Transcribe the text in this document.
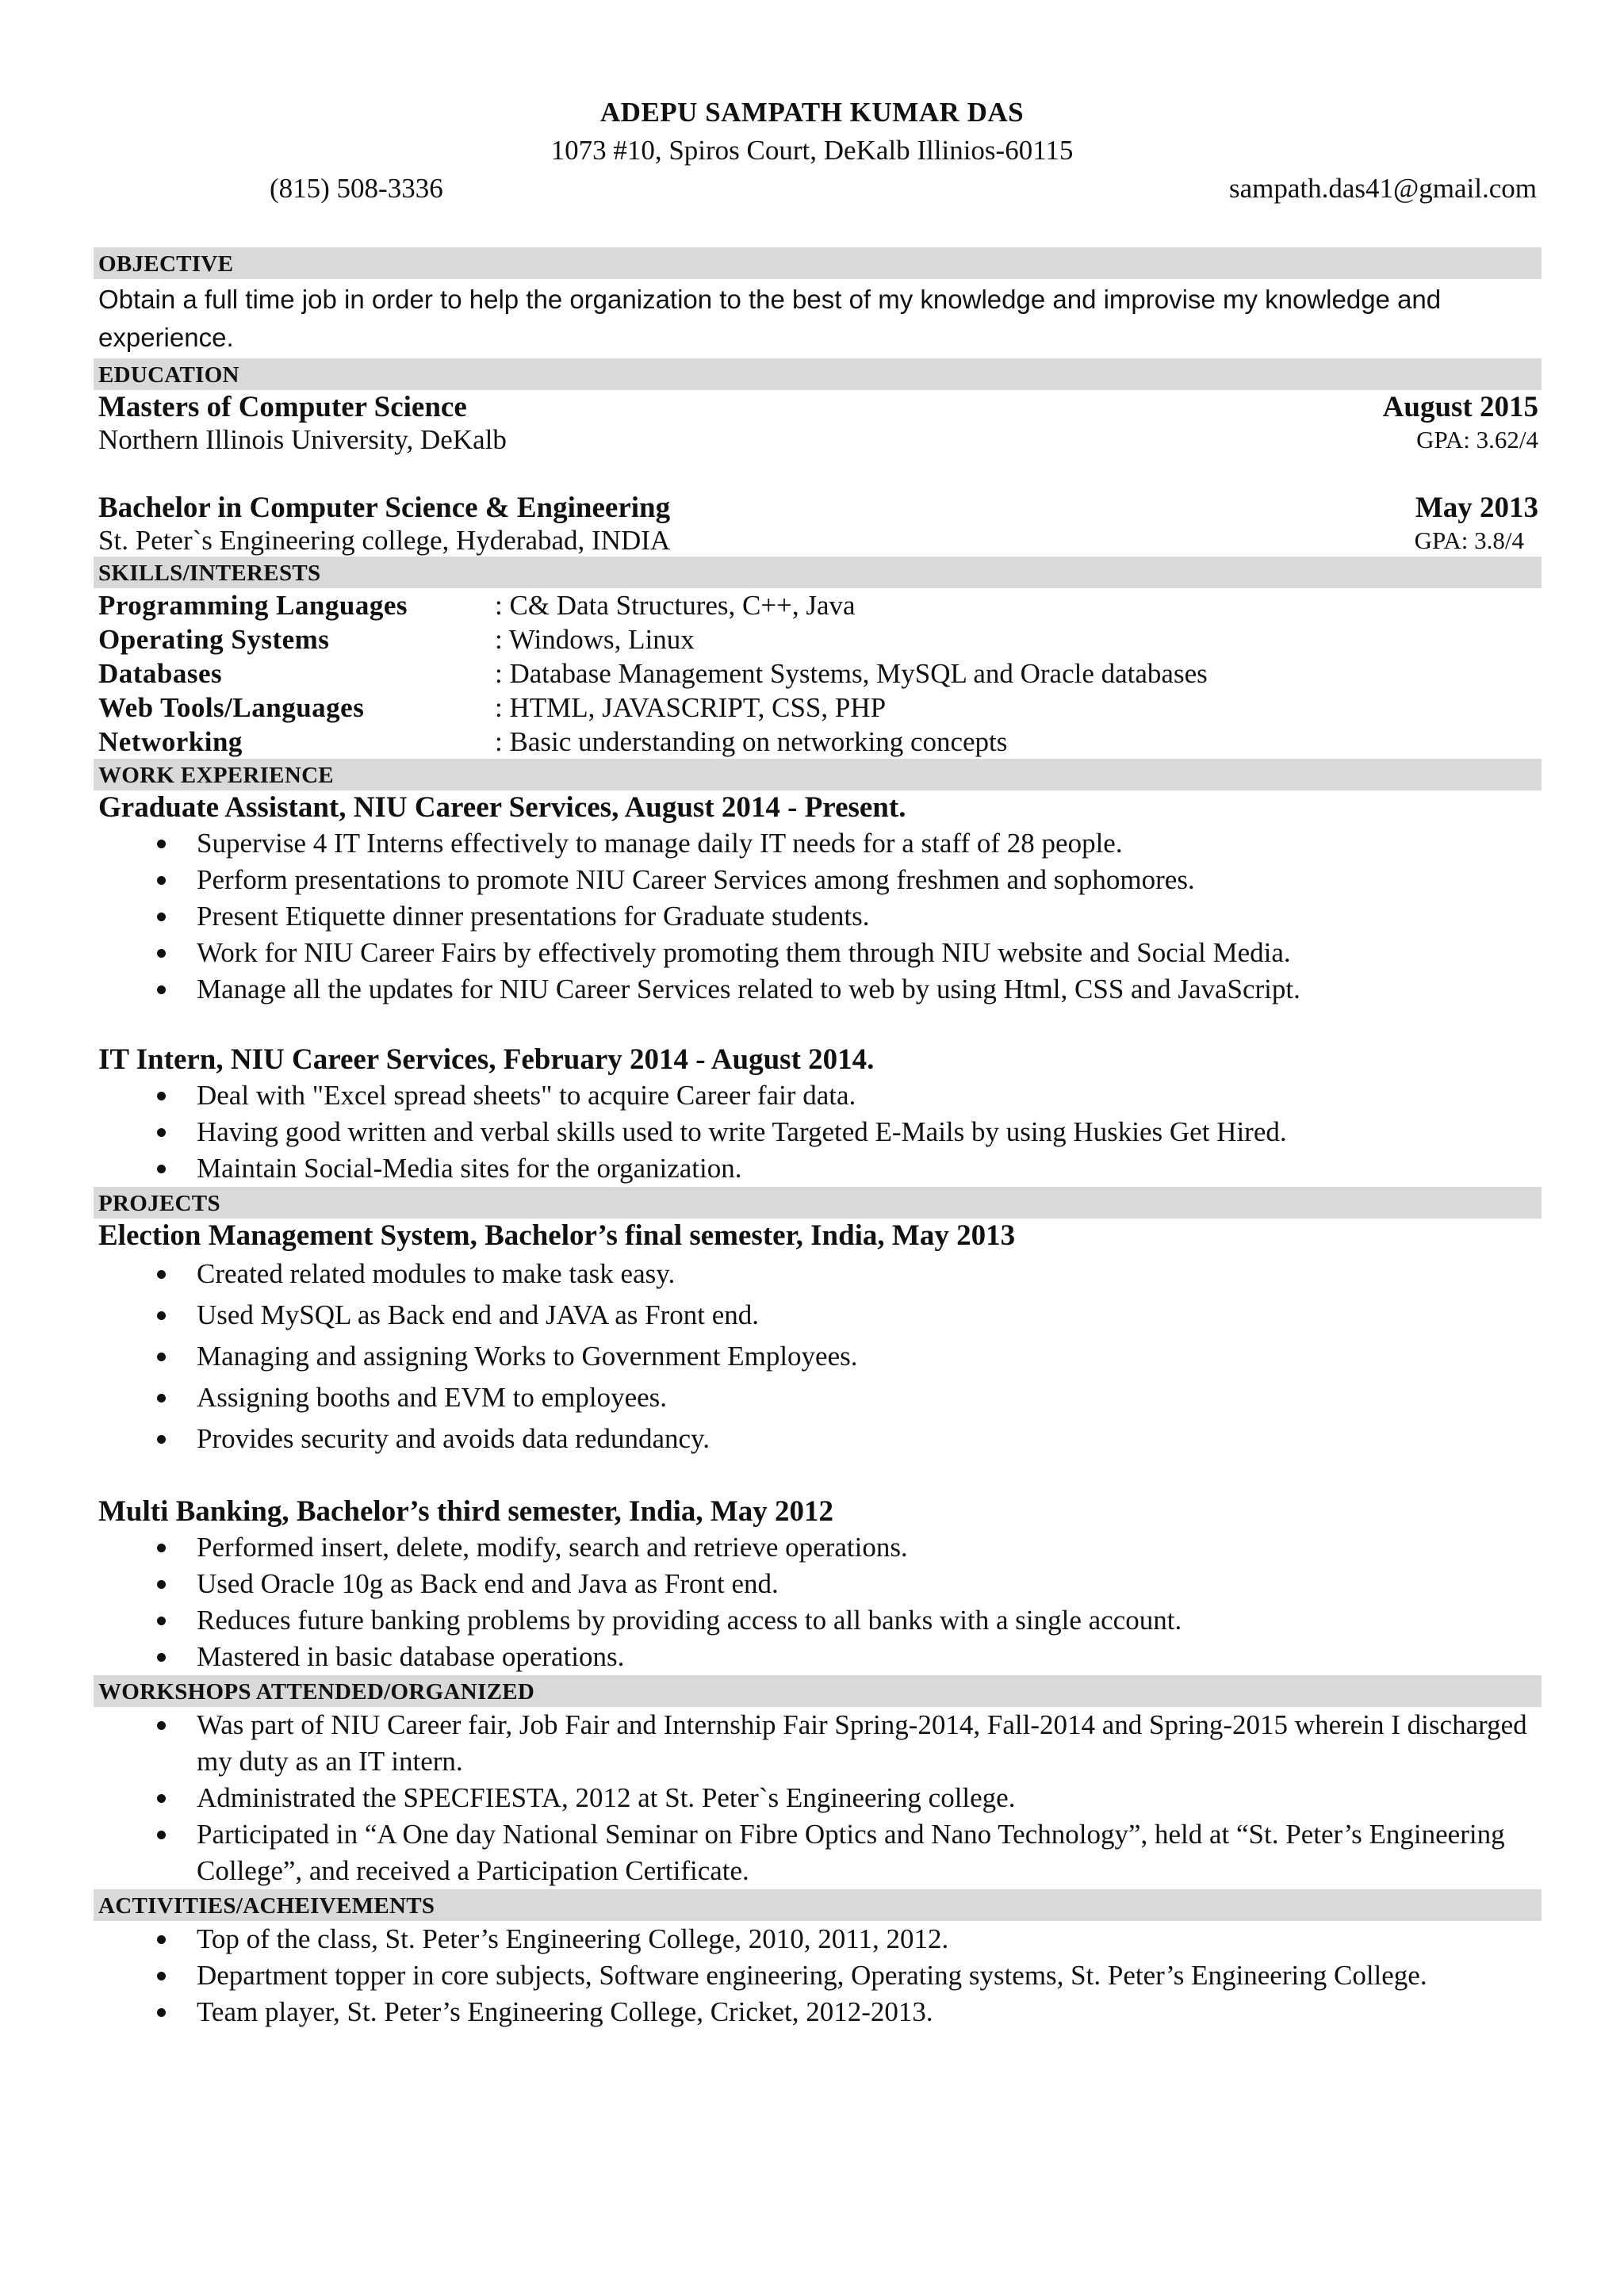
ADEPU SAMPATH KUMAR DAS
1073 #10, Spiros Court, DeKalb Illinios-60115
(815) 508-3336	sampath.das41@gmail.com
OBJECTIVE
Obtain a full time job in order to help the organization to the best of my knowledge and improvise my knowledge and experience.
EDUCATION
Masters of Computer Science	August 2015
Northern Illinois University, DeKalb	GPA: 3.62/4
Bachelor in Computer Science & Engineering	May 2013
St. Peter`s Engineering college, Hyderabad, INDIA	GPA: 3.8/4
SKILLS/INTERESTS
Programming Languages	: C& Data Structures, C++, Java
Operating Systems	: Windows, Linux
Databases	: Database Management Systems, MySQL and Oracle databases
Web Tools/Languages	: HTML, JAVASCRIPT, CSS, PHP
Networking	: Basic understanding on networking concepts
WORK EXPERIENCE
Graduate Assistant, NIU Career Services, August 2014 - Present.
Supervise 4 IT Interns effectively to manage daily IT needs for a staff of 28 people.
Perform presentations to promote NIU Career Services among freshmen and sophomores.
Present Etiquette dinner presentations for Graduate students.
Work for NIU Career Fairs by effectively promoting them through NIU website and Social Media.
Manage all the updates for NIU Career Services related to web by using Html, CSS and JavaScript.
IT Intern, NIU Career Services, February 2014 - August 2014.
Deal with "Excel spread sheets" to acquire Career fair data.
Having good written and verbal skills used to write Targeted E-Mails by using Huskies Get Hired.
Maintain Social-Media sites for the organization.
PROJECTS
Election Management System, Bachelor’s final semester, India, May 2013
Created related modules to make task easy.
Used MySQL as Back end and JAVA as Front end.
Managing and assigning Works to Government Employees.
Assigning booths and EVM to employees.
Provides security and avoids data redundancy.
Multi Banking, Bachelor’s third semester, India, May 2012
Performed insert, delete, modify, search and retrieve operations.
Used Oracle 10g as Back end and Java as Front end.
Reduces future banking problems by providing access to all banks with a single account.
Mastered in basic database operations.
WORKSHOPS ATTENDED/ORGANIZED
Was part of NIU Career fair, Job Fair and Internship Fair Spring-2014, Fall-2014 and Spring-2015 wherein I discharged my duty as an IT intern.
Administrated the SPECFIESTA, 2012 at St. Peter`s Engineering college.
Participated in “A One day National Seminar on Fibre Optics and Nano Technology”, held at “St. Peter’s Engineering College”, and received a Participation Certificate.
ACTIVITIES/ACHEIVEMENTS
Top of the class, St. Peter’s Engineering College, 2010, 2011, 2012.
Department topper in core subjects, Software engineering, Operating systems, St. Peter’s Engineering College.
Team player, St. Peter’s Engineering College, Cricket, 2012-2013.
